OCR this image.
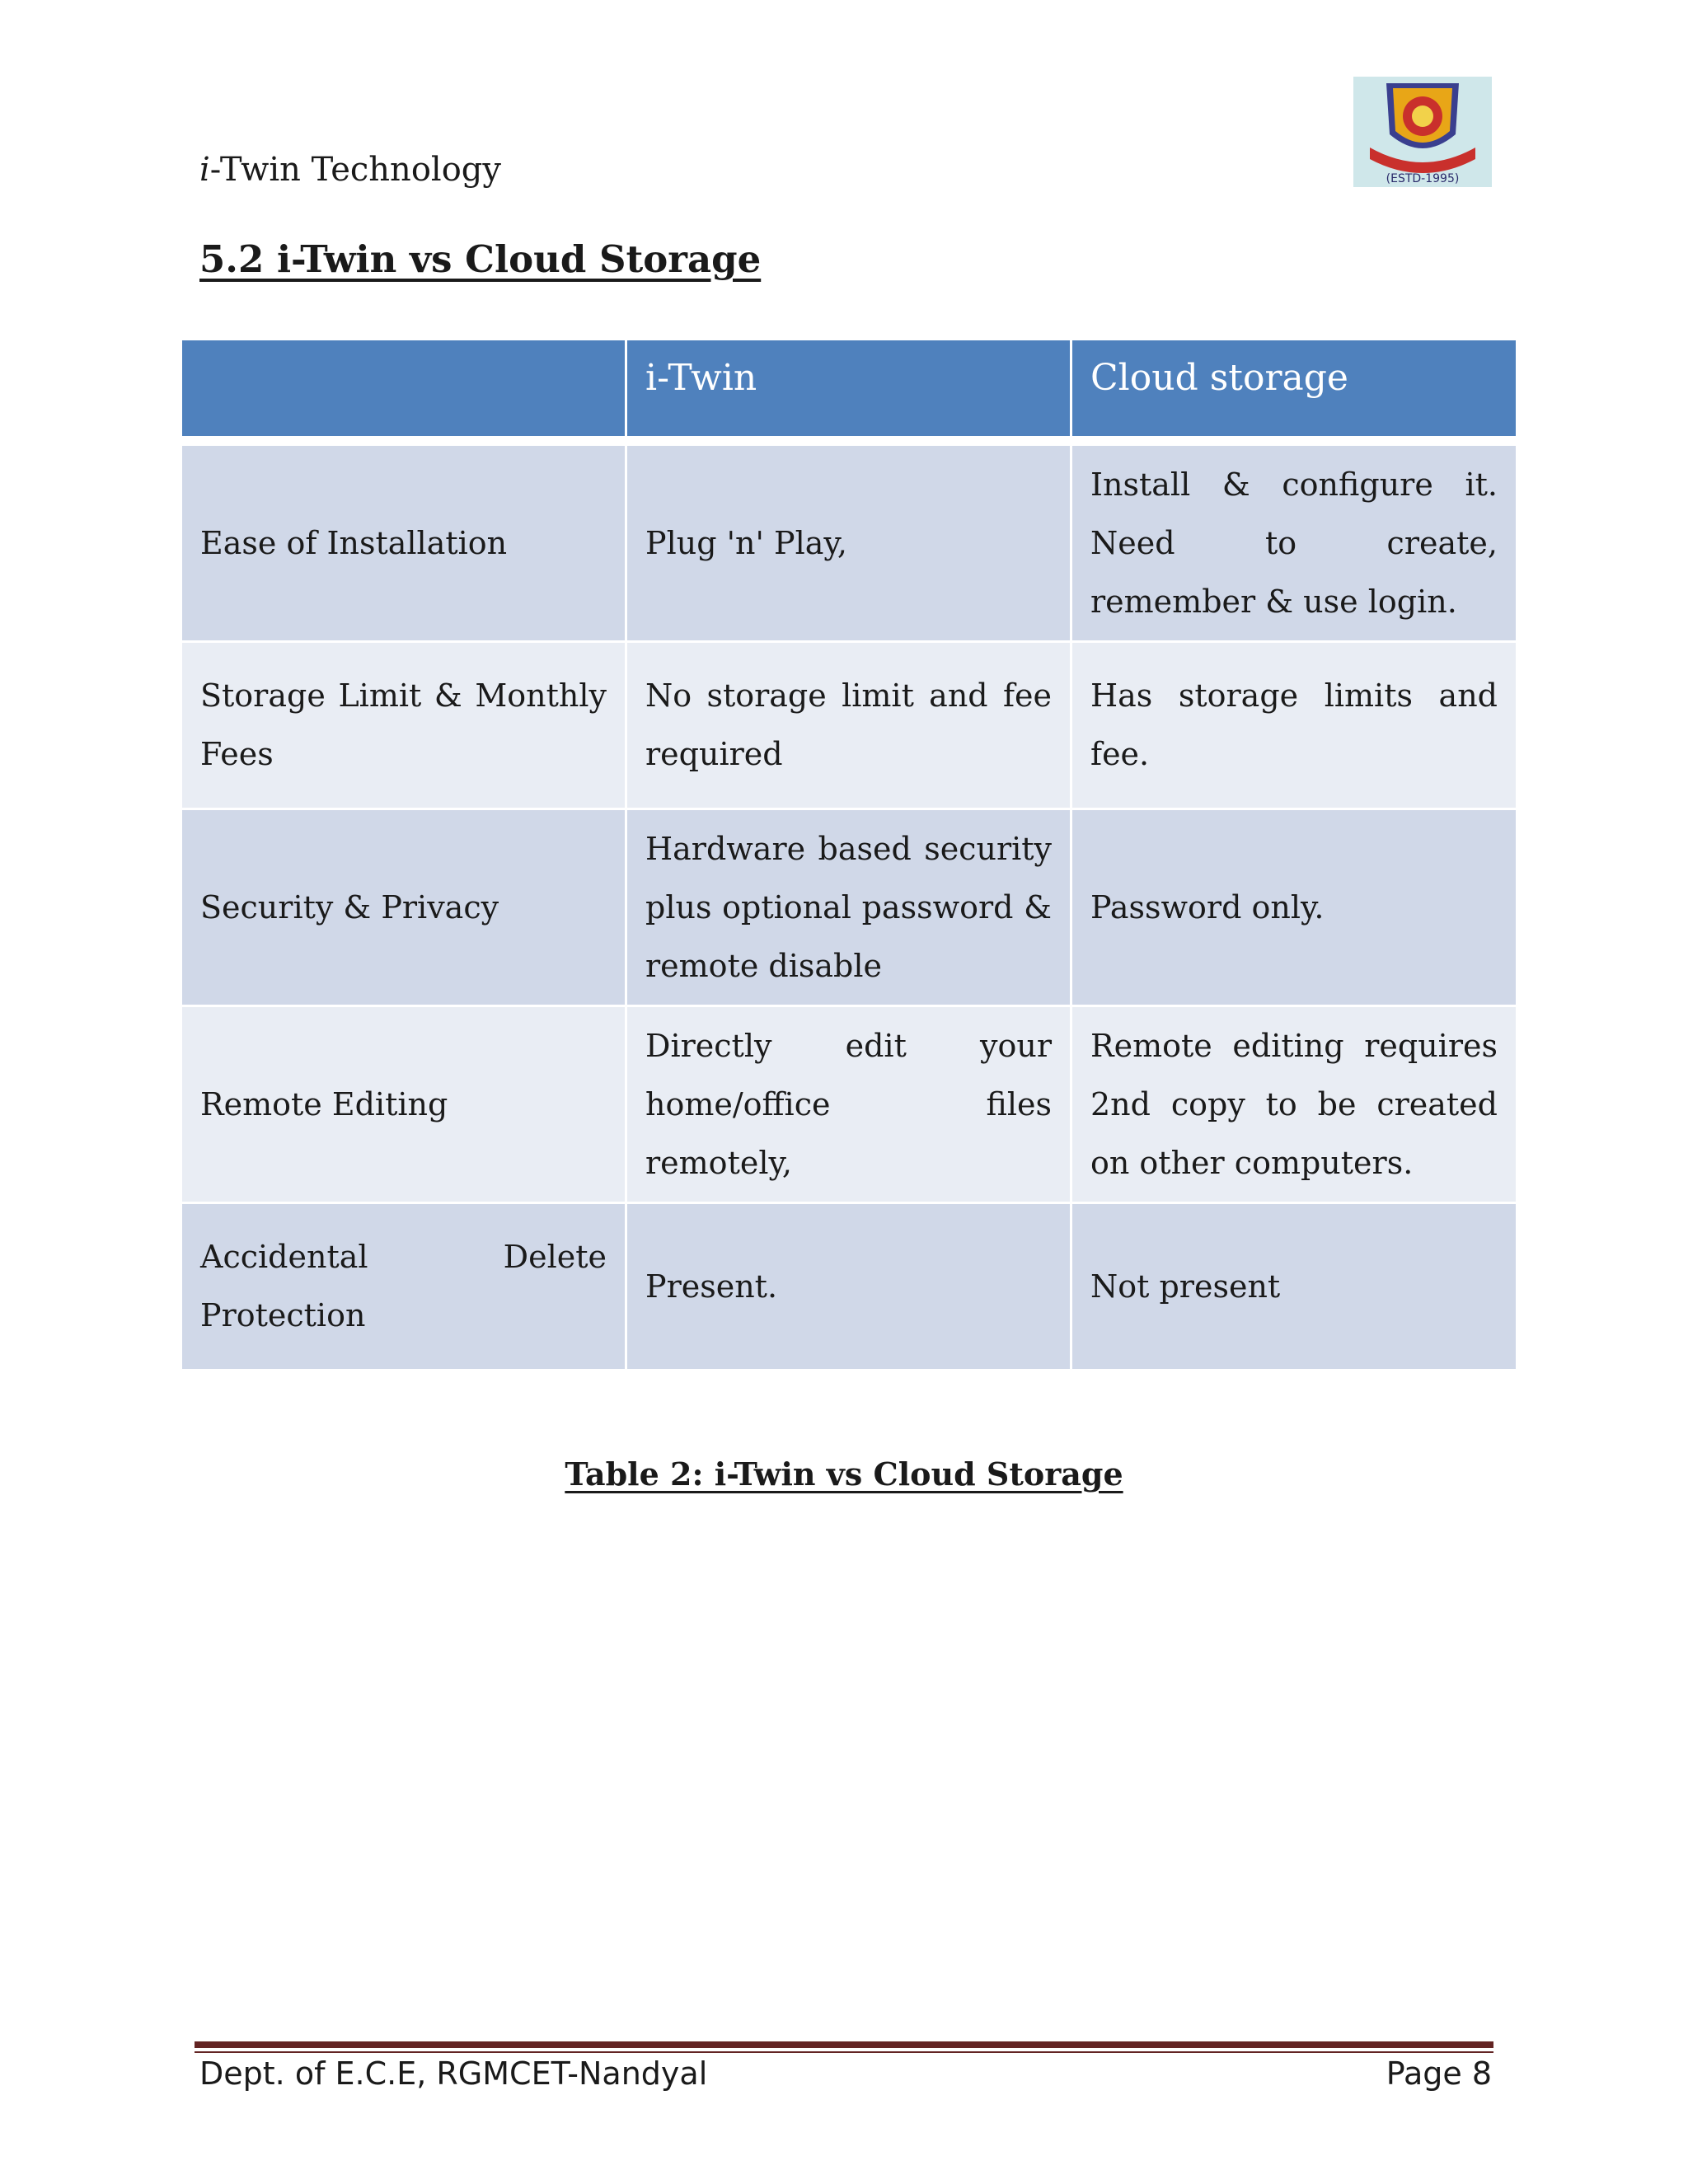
i-Twin Technology	(ESTD-1995)
5.2 i-Twin vs Cloud Storage
	i-Twin	Cloud storage
Ease of Installation	Plug 'n' Play,	Install & configure it. Need to create, remember & use login.
Storage Limit & Monthly Fees	No storage limit and fee required	Has storage limits and fee.
Security & Privacy	Hardware based security plus optional password & remote disable	Password only.
Remote Editing	Directly edit your home/office files remotely,	Remote editing requires 2nd copy to be created on other computers.
Accidental Delete Protection	Present.	Not present
Table 2: i-Twin vs Cloud Storage
Dept. of E.C.E, RGMCET-Nandyal	Page 8
